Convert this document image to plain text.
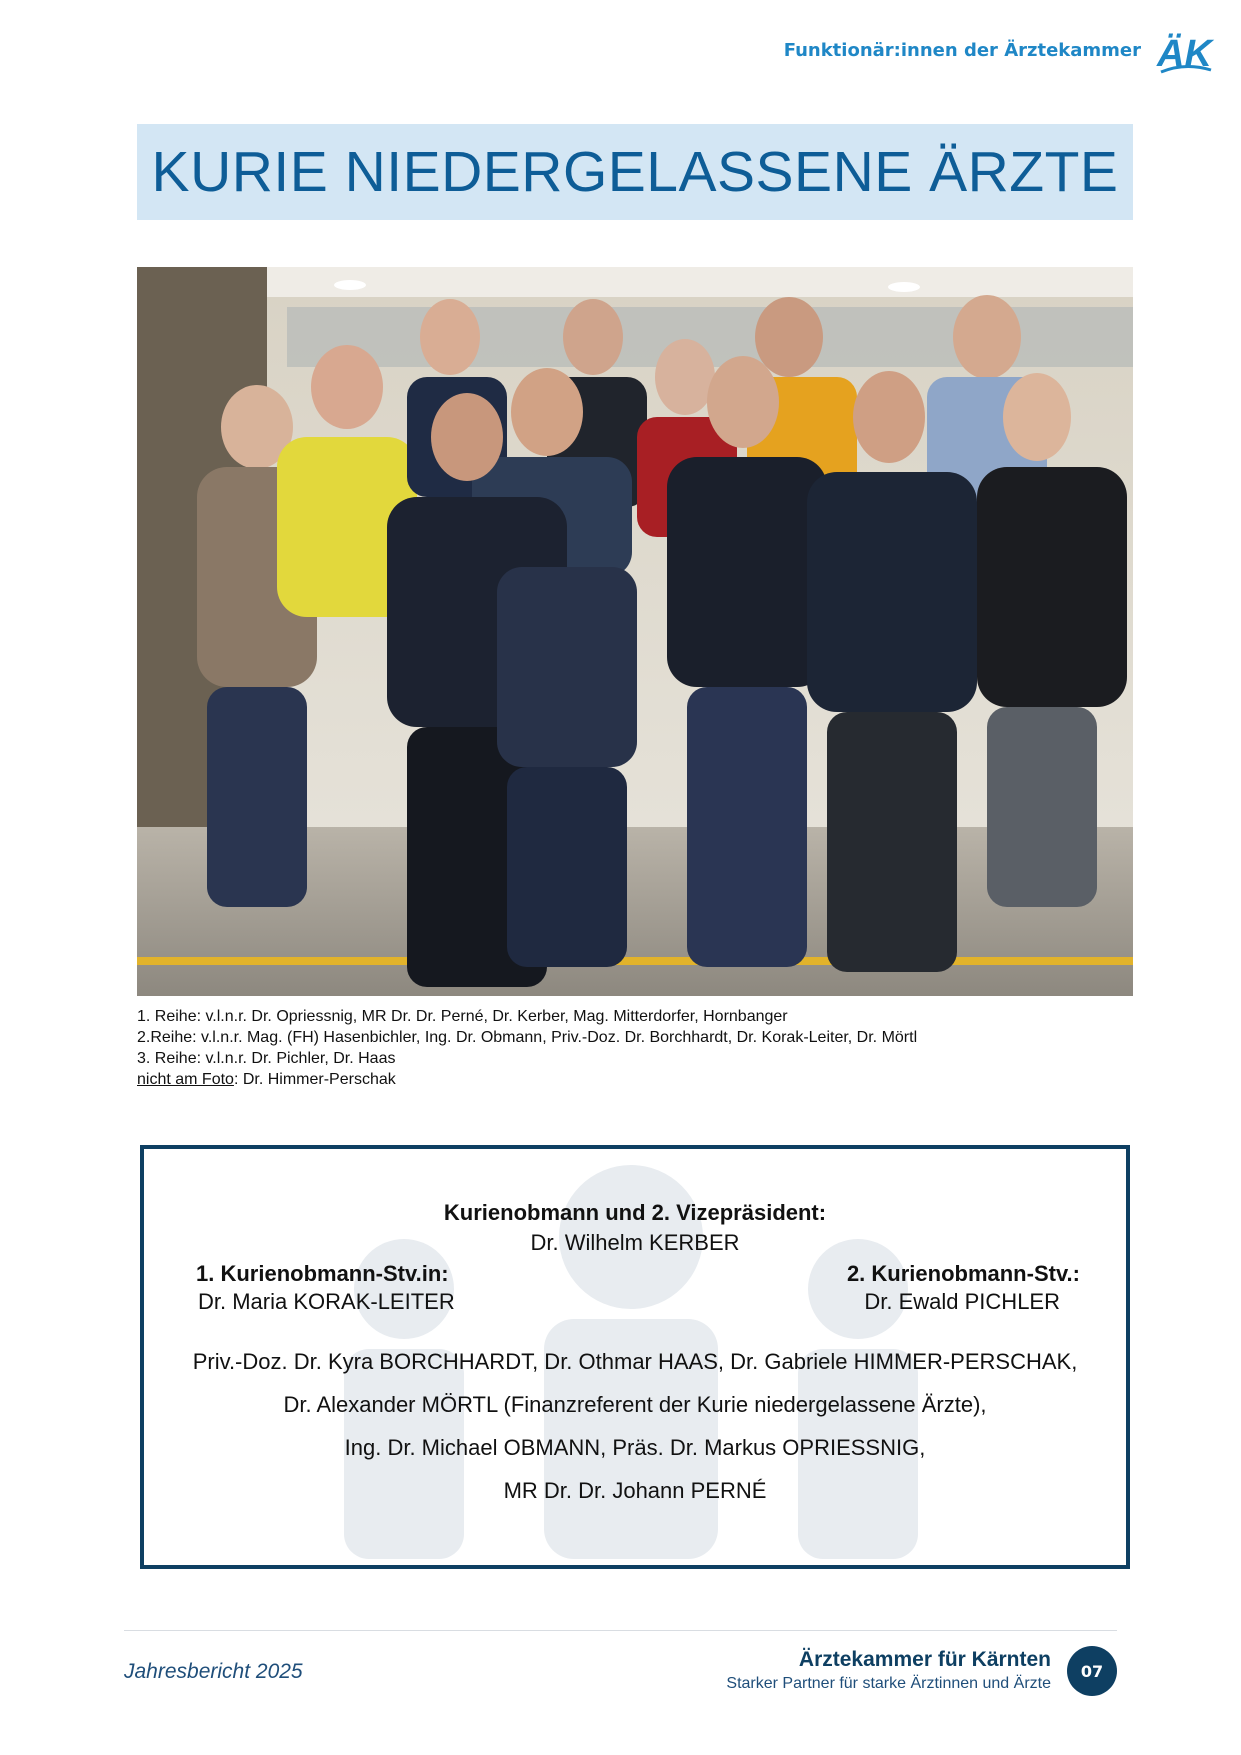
Funktionär:innen der Ärztekammer ÄK
KURIE NIEDERGELASSENE ÄRZTE
1. Reihe: v.l.n.r. Dr. Opriessnig, MR Dr. Dr. Perné, Dr. Kerber, Mag. Mitterdorfer, Hornbanger
2.Reihe: v.l.n.r. Mag. (FH) Hasenbichler, Ing. Dr. Obmann, Priv.-Doz. Dr. Borchhardt, Dr. Korak-Leiter, Dr. Mörtl
3. Reihe: v.l.n.r. Dr. Pichler, Dr. Haas
nicht am Foto: Dr. Himmer-Perschak
Kurienobmann und 2. Vizepräsident:
Dr. Wilhelm KERBER
1. Kurienobmann-Stv.in:
Dr. Maria KORAK-LEITER
2. Kurienobmann-Stv.:
Dr. Ewald PICHLER
Priv.-Doz. Dr. Kyra BORCHHARDT, Dr. Othmar HAAS, Dr. Gabriele HIMMER-PERSCHAK,
Dr. Alexander MÖRTL (Finanzreferent der Kurie niedergelassene Ärzte),
Ing. Dr. Michael OBMANN, Präs. Dr. Markus OPRIESSNIG,
MR Dr. Dr. Johann PERNÉ
Jahresbericht 2025
Ärztekammer für Kärnten
Starker Partner für starke Ärztinnen und Ärzte
07
